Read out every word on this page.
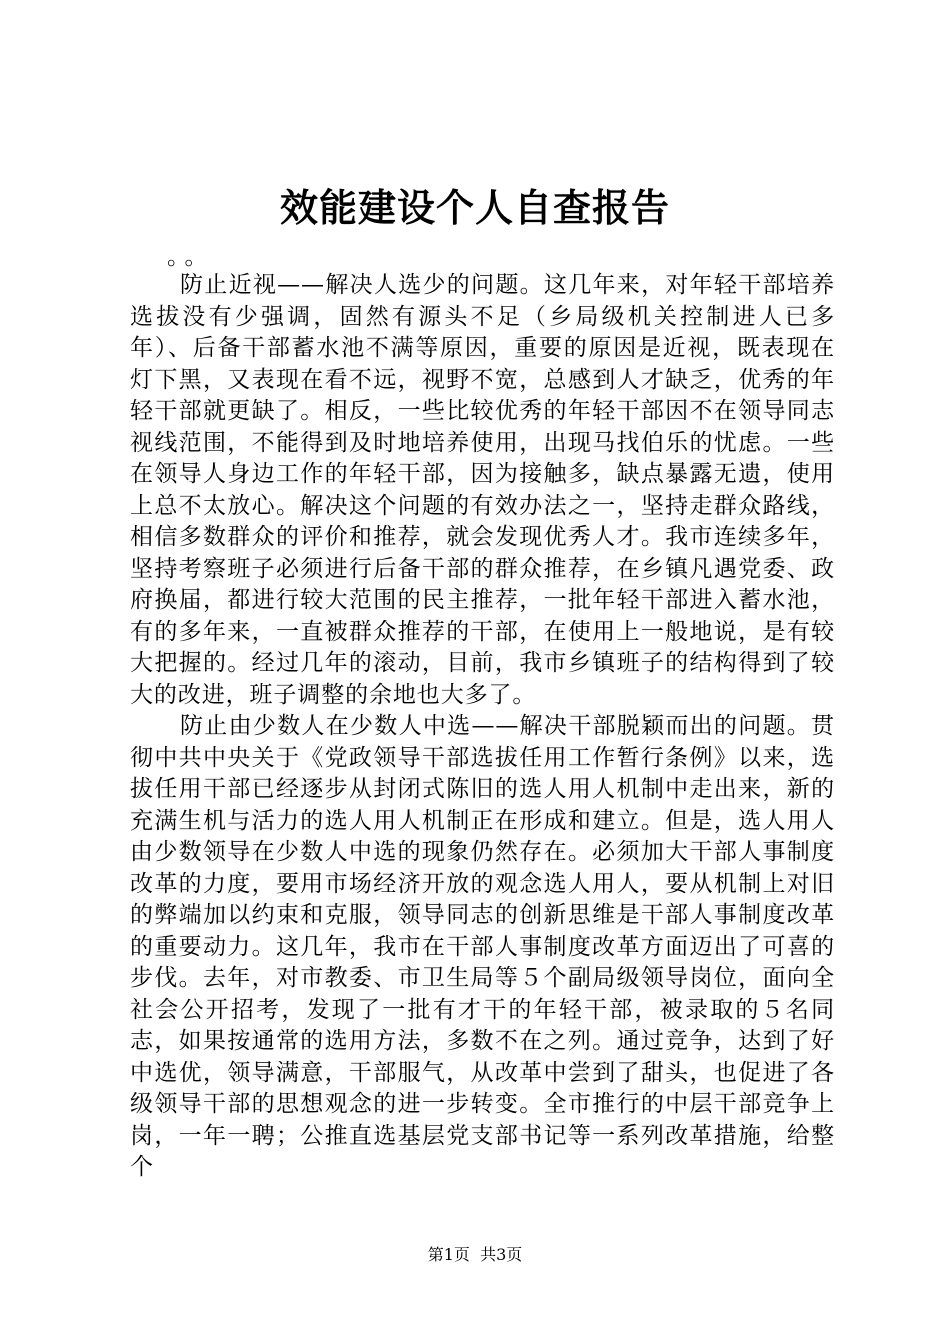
效能建设个人自查报告
。。

防止近视——解决人选少的问题。这几年来，对年轻干部培养选拔没有少强调，固然有源头不足（乡局级机关控制进人已多年）、后备干部蓄水池不满等原因，重要的原因是近视，既表现在灯下黑，又表现在看不远，视野不宽，总感到人才缺乏，优秀的年轻干部就更缺了。相反，一些比较优秀的年轻干部因不在领导同志视线范围，不能得到及时地培养使用，出现马找伯乐的忧虑。一些在领导人身边工作的年轻干部，因为接触多，缺点暴露无遗，使用上总不太放心。解决这个问题的有效办法之一，坚持走群众路线，相信多数群众的评价和推荐，就会发现优秀人才。我市连续多年，坚持考察班子必须进行后备干部的群众推荐，在乡镇凡遇党委、政府换届，都进行较大范围的民主推荐，一批年轻干部进入蓄水池，有的多年来，一直被群众推荐的干部，在使用上一般地说，是有较大把握的。经过几年的滚动，目前，我市乡镇班子的结构得到了较大的改进，班子调整的余地也大多了。

防止由少数人在少数人中选——解决干部脱颖而出的问题。贯彻中共中央关于《党政领导干部选拔任用工作暂行条例》以来，选拔任用干部已经逐步从封闭式陈旧的选人用人机制中走出来，新的充满生机与活力的选人用人机制正在形成和建立。但是，选人用人由少数领导在少数人中选的现象仍然存在。必须加大干部人事制度改革的力度，要用市场经济开放的观念选人用人，要从机制上对旧的弊端加以约束和克服，领导同志的创新思维是干部人事制度改革的重要动力。这几年，我市在干部人事制度改革方面迈出了可喜的步伐。去年，对市教委、市卫生局等５个副局级领导岗位，面向全社会公开招考，发现了一批有才干的年轻干部，被录取的５名同志，如果按通常的选用方法，多数不在之列。通过竞争，达到了好中选优，领导满意，干部服气，从改革中尝到了甜头，也促进了各级领导干部的思想观念的进一步转变。全市推行的中层干部竞争上岗，一年一聘；公推直选基层党支部书记等一系列改革措施，给整个

第1页 共3页
